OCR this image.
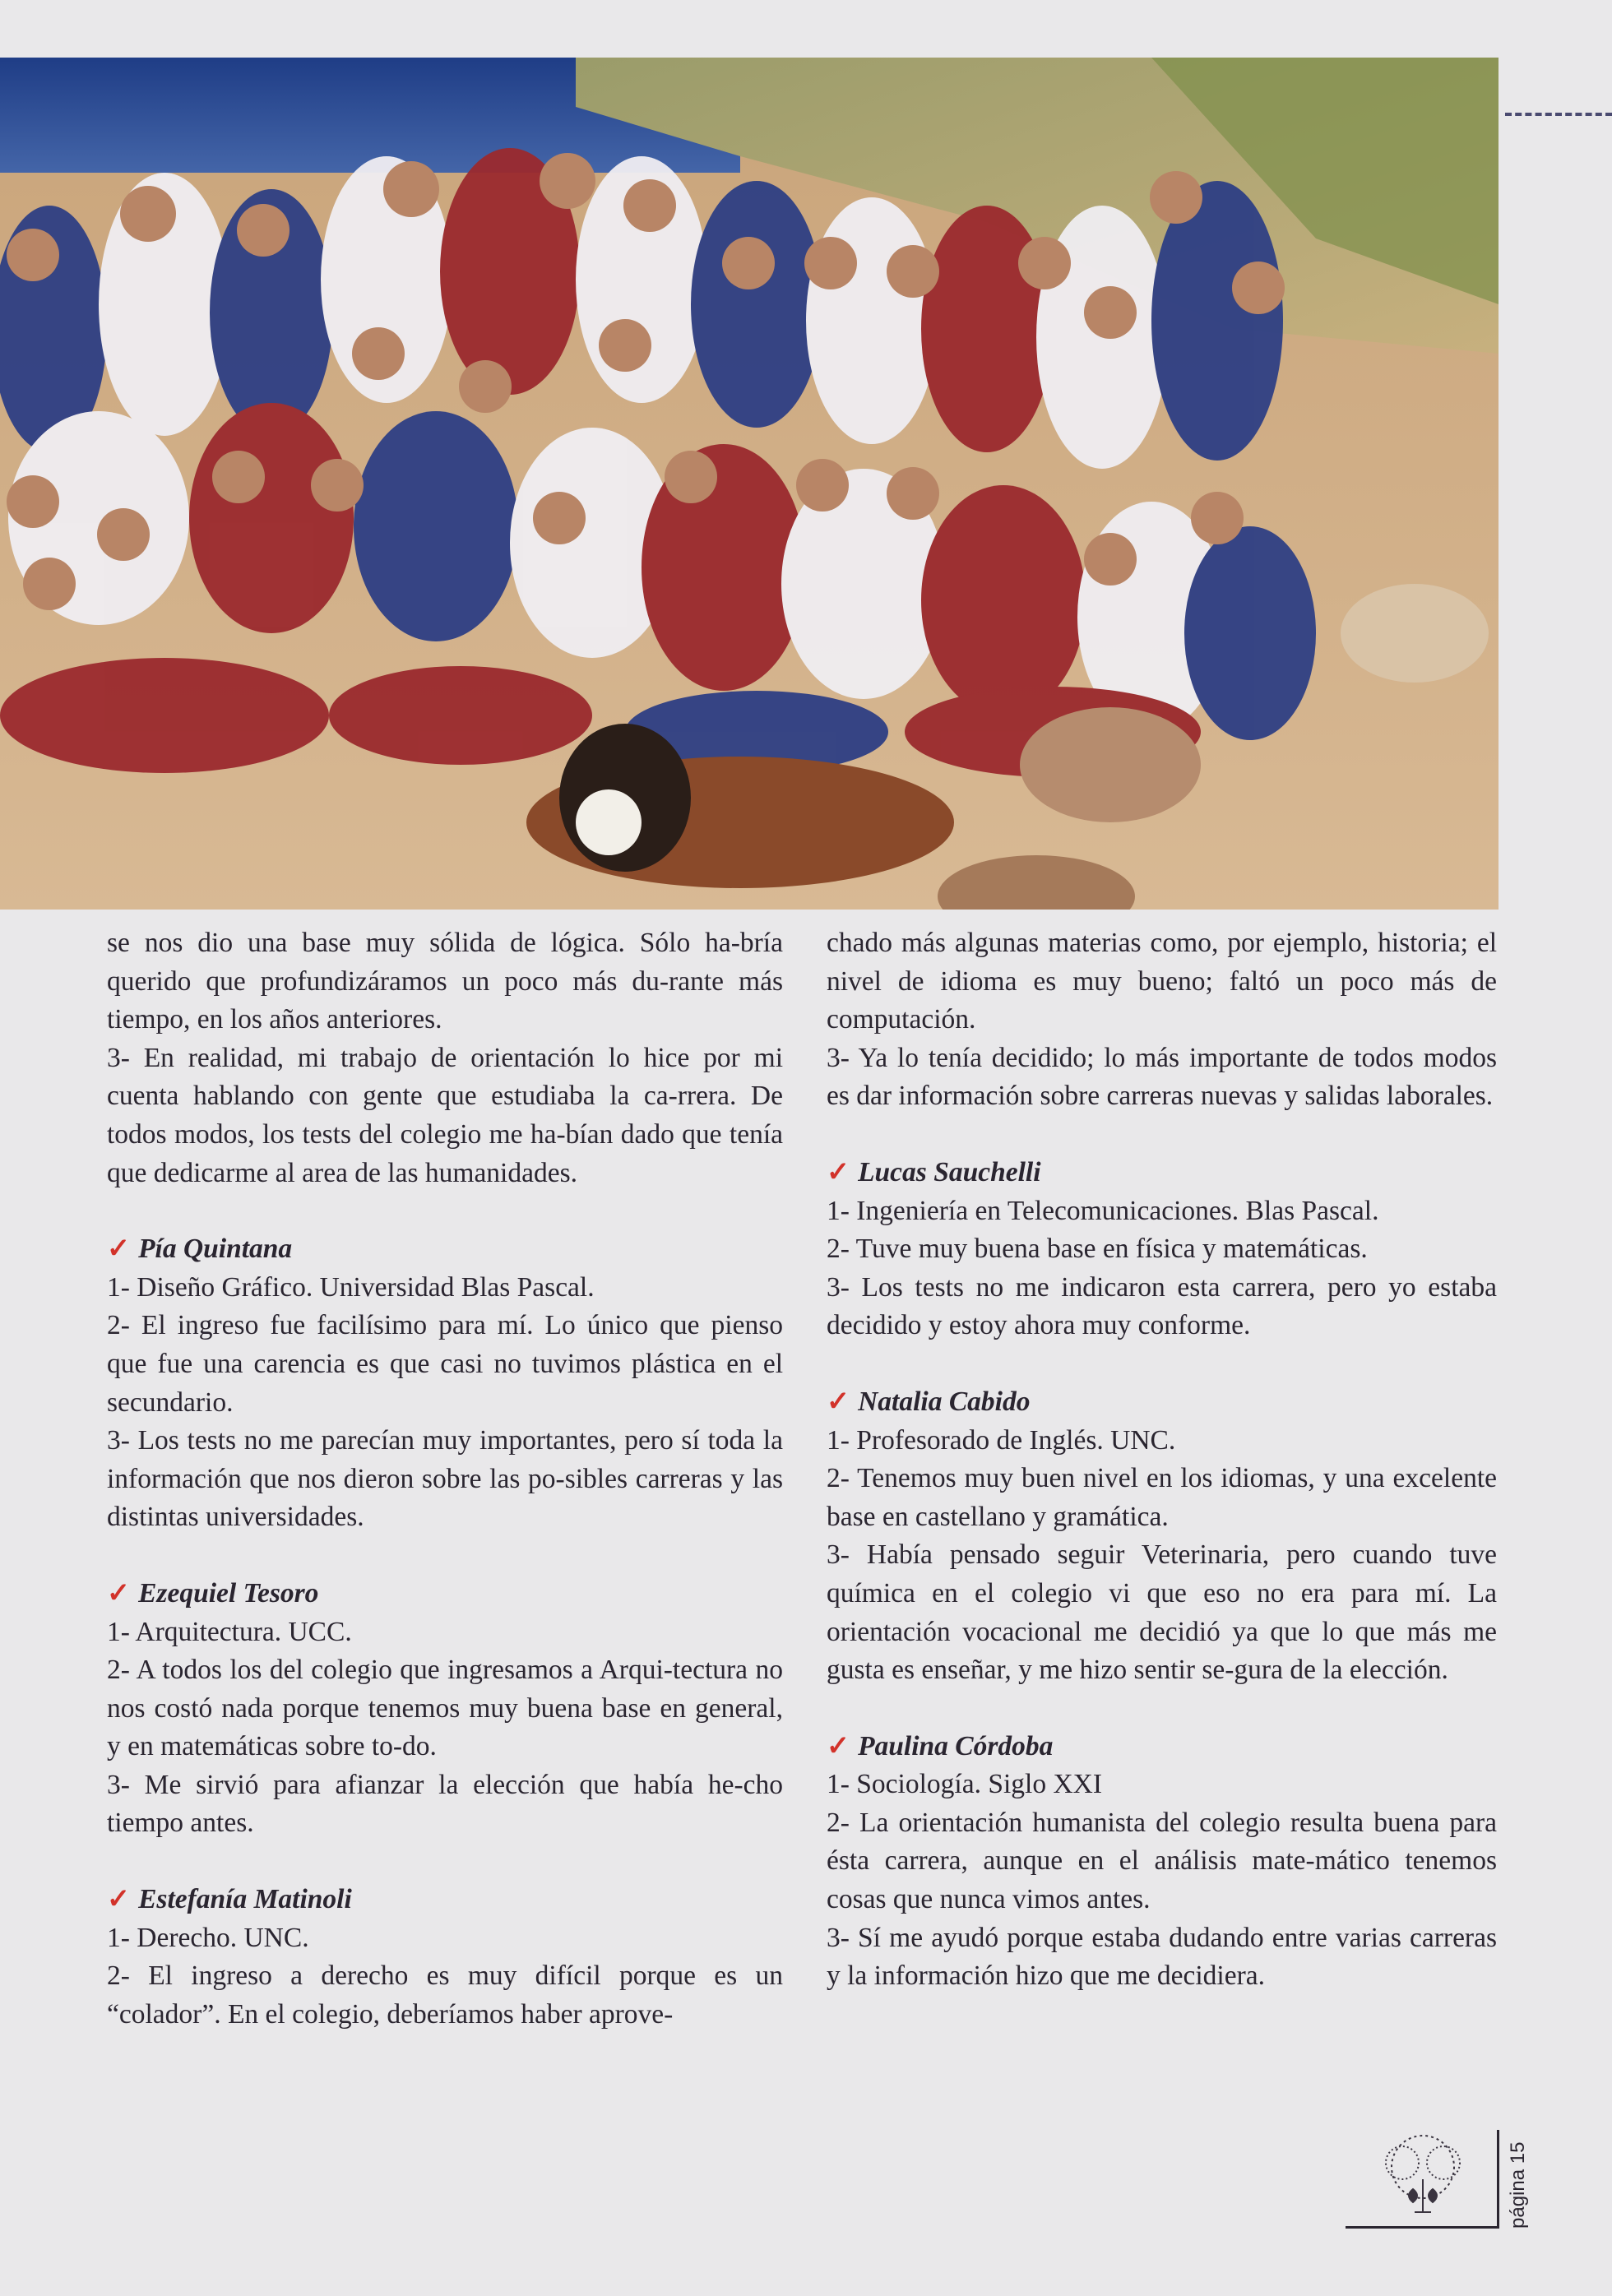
se nos dio una base muy sólida de lógica. Sólo ha-bría querido que profundizáramos un poco más du-rante más tiempo, en los años anteriores.

3- En realidad, mi trabajo de orientación lo hice por mi cuenta hablando con gente que estudiaba la ca-rrera. De todos modos, los tests del colegio me ha-bían dado que tenía que dedicarme al area de las humanidades.

✓ Pía Quintana

1- Diseño Gráfico. Universidad Blas Pascal.

2- El ingreso fue facilísimo para mí. Lo único que pienso que fue una carencia es que casi no tuvimos plástica en el secundario.

3- Los tests no me parecían muy importantes, pero sí toda la información que nos dieron sobre las po-sibles carreras y las distintas universidades.

✓ Ezequiel Tesoro

1- Arquitectura. UCC.

2- A todos los del colegio que ingresamos a Arqui-tectura no nos costó nada porque tenemos muy buena base en general, y en matemáticas sobre to-do.

3- Me sirvió para afianzar la elección que había he-cho tiempo antes.

✓ Estefanía Matinoli

1- Derecho. UNC.

2- El ingreso a derecho es muy difícil porque es un “colador”. En el colegio, deberíamos haber aprove-

chado más algunas materias como, por ejemplo, historia; el nivel de idioma es muy bueno; faltó un poco más de computación.

3- Ya lo tenía decidido; lo más importante de todos modos es dar información sobre carreras nuevas y salidas laborales.

✓ Lucas Sauchelli

1- Ingeniería en Telecomunicaciones. Blas Pascal.

2- Tuve muy buena base en física y matemáticas.

3- Los tests no me indicaron esta carrera, pero yo estaba decidido y estoy ahora muy conforme.

✓ Natalia Cabido

1- Profesorado de Inglés. UNC.

2- Tenemos muy buen nivel en los idiomas, y una excelente base en castellano y gramática.

3- Había pensado seguir Veterinaria, pero cuando tuve química en el colegio vi que eso no era para mí. La orientación vocacional me decidió ya que lo que más me gusta es enseñar, y me hizo sentir se-gura de la elección.

✓ Paulina Córdoba

1- Sociología. Siglo XXI

2- La orientación humanista del colegio resulta buena para ésta carrera, aunque en el análisis mate-mático tenemos cosas que nunca vimos antes.

3- Sí me ayudó porque estaba dudando entre varias carreras y la información hizo que me decidiera.

página 15
